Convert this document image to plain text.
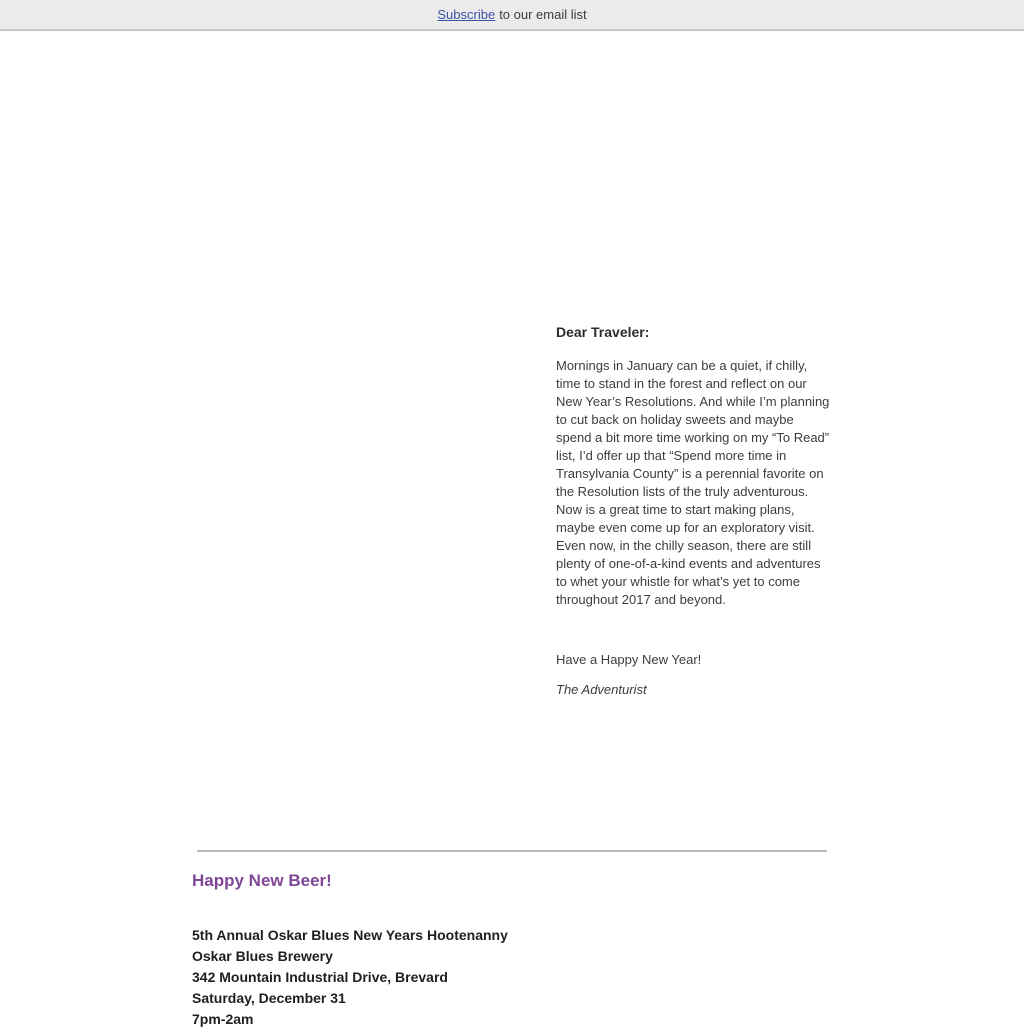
Subscribe to our email list
Dear Traveler:
Mornings in January can be a quiet, if chilly, time to stand in the forest and reflect on our New Year’s Resolutions. And while I’m planning to cut back on holiday sweets and maybe spend a bit more time working on my “To Read” list, I’d offer up that “Spend more time in Transylvania County” is a perennial favorite on the Resolution lists of the truly adventurous. Now is a great time to start making plans, maybe even come up for an exploratory visit. Even now, in the chilly season, there are still plenty of one-of-a-kind events and adventures to whet your whistle for what’s yet to come throughout 2017 and beyond.
Have a Happy New Year!
The Adventurist
Happy New Beer!
5th Annual Oskar Blues New Years Hootenanny
Oskar Blues Brewery
342 Mountain Industrial Drive, Brevard
Saturday, December 31
7pm-2am
